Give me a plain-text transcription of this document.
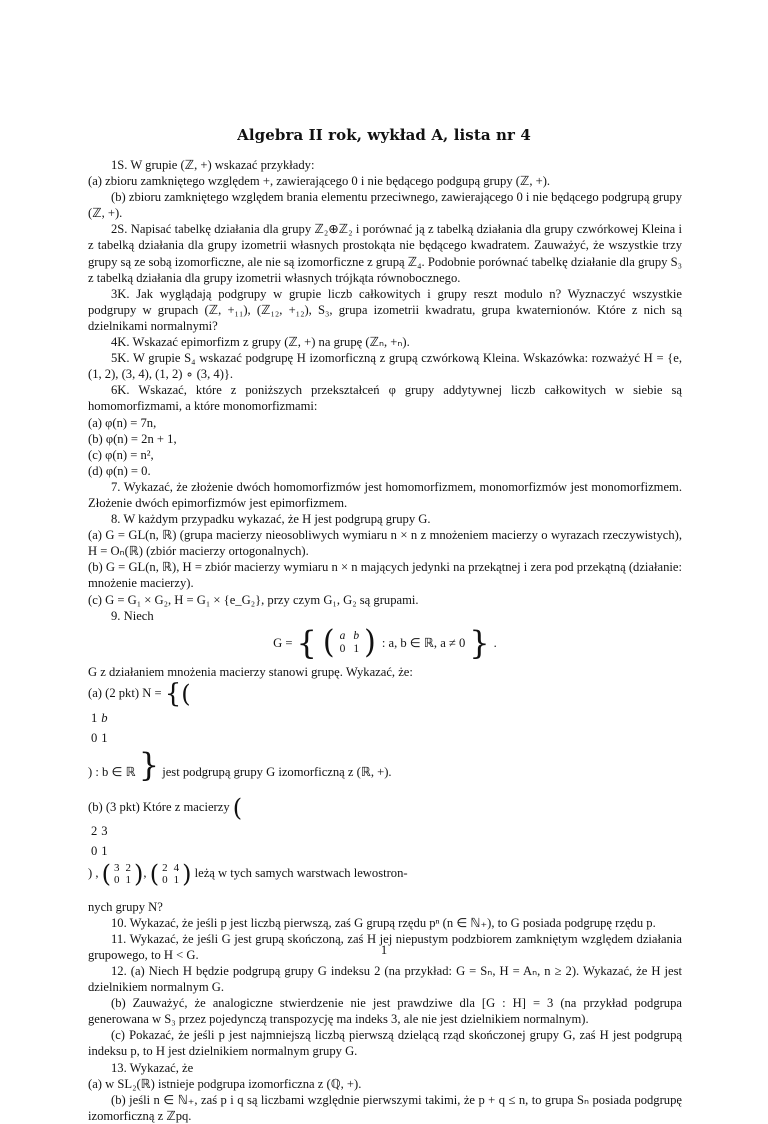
Algebra II rok, wykład A, lista nr 4

1S. W grupie (ℤ, +) wskazać przykłady:

(a) zbioru zamkniętego względem +, zawierającego 0 i nie będącego podgupą grupy (ℤ, +).

(b) zbioru zamkniętego względem brania elementu przeciwnego, zawierającego 0 i nie będącego podgrupą grupy (ℤ, +).

2S. Napisać tabelkę działania dla grupy ℤ₂⊕ℤ₂ i porównać ją z tabelką działania dla grupy czwórkowej Kleina i z tabelką działania dla grupy izometrii własnych prostokąta nie będącego kwadratem. Zauważyć, że wszystkie trzy grupy są ze sobą izomorficzne, ale nie są izomorficzne z grupą ℤ₄. Podobnie porównać tabelkę działanie dla grupy S₃ z tabelką działania dla grupy izometrii własnych trójkąta równobocznego.

3K. Jak wyglądają podgrupy w grupie liczb całkowitych i grupy reszt modulo n? Wyznaczyć wszystkie podgrupy w grupach (ℤ, +₁₁), (ℤ₁₂, +₁₂), S₃, grupa izometrii kwadratu, grupa kwaternionów. Które z nich są dzielnikami normalnymi?

4K. Wskazać epimorfizm z grupy (ℤ, +) na grupę (ℤₙ, +ₙ).

5K. W grupie S₄ wskazać podgrupę H izomorficzną z grupą czwórkową Kleina. Wskazówka: rozważyć H = {e, (1, 2), (3, 4), (1, 2) ∘ (3, 4)}.

6K. Wskazać, które z poniższych przekształceń φ grupy addytywnej liczb całkowitych w siebie są homomorfizmami, a które monomorfizmami:

(a) φ(n) = 7n,

(b) φ(n) = 2n + 1,

(c) φ(n) = n²,

(d) φ(n) = 0.

7. Wykazać, że złożenie dwóch homomorfizmów jest homomorfizmem, monomorfizmów jest monomorfizmem. Złożenie dwóch epimorfizmów jest epimorfizmem.

8. W każdym przypadku wykazać, że H jest podgrupą grupy G.

(a) G = GL(n, ℝ) (grupa macierzy nieosobliwych wymiaru n × n z mnożeniem macierzy o wyrazach rzeczywistych), H = Oₙ(ℝ) (zbiór macierzy ortogonalnych).

(b) G = GL(n, ℝ), H = zbiór macierzy wymiaru n × n mających jedynki na przekątnej i zera pod przekątną (działanie: mnożenie macierzy).

(c) G = G₁ × G₂, H = G₁ × {e_G₂}, przy czym G₁, G₂ są grupami.

9. Niech

G = { ( a	b
0	1 ) : a, b ∈ ℝ, a ≠ 0 } .

G z działaniem mnożenia macierzy stanowi grupę. Wykazać, że:

(a) (2 pkt) N = { (

1	b
0	1
) : b ∈ ℝ } jest podgrupą grupy G izomorficzną z (ℝ, +).

(b) (3 pkt) Które z macierzy (

2	3
0	1
) , ( 3	2
0	1 ) , ( 2	4
0	1 ) leżą w tych samych warstwach lewostron-

nych grupy N?

10. Wykazać, że jeśli p jest liczbą pierwszą, zaś G grupą rzędu pⁿ (n ∈ ℕ₊), to G posiada podgrupę rzędu p.

11. Wykazać, że jeśli G jest grupą skończoną, zaś H jej niepustym podzbiorem zamkniętym względem działania grupowego, to H < G.

12. (a) Niech H będzie podgrupą grupy G indeksu 2 (na przykład: G = Sₙ, H = Aₙ, n ≥ 2). Wykazać, że H jest dzielnikiem normalnym G.

(b) Zauważyć, że analogiczne stwierdzenie nie jest prawdziwe dla [G : H] = 3 (na przykład podgrupa generowana w S₃ przez pojedynczą transpozycję ma indeks 3, ale nie jest dzielnikiem normalnym).

(c) Pokazać, że jeśli p jest najmniejszą liczbą pierwszą dzielącą rząd skończonej grupy G, zaś H jest podgrupą indeksu p, to H jest dzielnikiem normalnym grupy G.

13. Wykazać, że

(a) w SL₂(ℝ) istnieje podgrupa izomorficzna z (ℚ, +).

(b) jeśli n ∈ ℕ₊, zaś p i q są liczbami względnie pierwszymi takimi, że p + q ≤ n, to grupa Sₙ posiada podgrupę izomorficzną z ℤpq.

1
